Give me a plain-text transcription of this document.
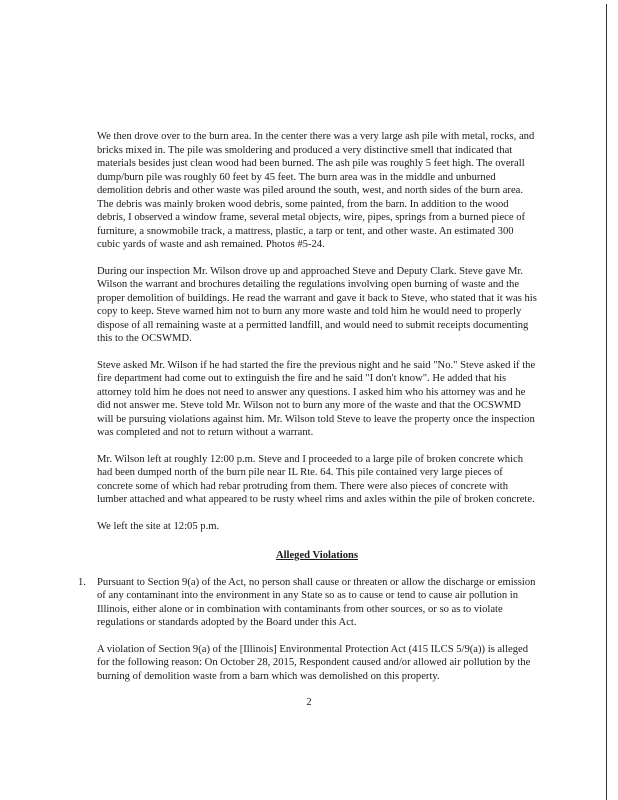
We then drove over to the burn area. In the center there was a very large ash pile with metal, rocks, and bricks mixed in. The pile was smoldering and produced a very distinctive smell that indicated that materials besides just clean wood had been burned. The ash pile was roughly 5 feet high. The overall dump/burn pile was roughly 60 feet by 45 feet. The burn area was in the middle and unburned demolition debris and other waste was piled around the south, west, and north sides of the burn area. The debris was mainly broken wood debris, some painted, from the barn. In addition to the wood debris, I observed a window frame, several metal objects, wire, pipes, springs from a burned piece of furniture, a snowmobile track, a mattress, plastic, a tarp or tent, and other waste. An estimated 300 cubic yards of waste and ash remained. Photos #5-24.

During our inspection Mr. Wilson drove up and approached Steve and Deputy Clark. Steve gave Mr. Wilson the warrant and brochures detailing the regulations involving open burning of waste and the proper demolition of buildings. He read the warrant and gave it back to Steve, who stated that it was his copy to keep. Steve warned him not to burn any more waste and told him he would need to properly dispose of all remaining waste at a permitted landfill, and would need to submit receipts documenting this to the OCSWMD.

Steve asked Mr. Wilson if he had started the fire the previous night and he said "No." Steve asked if the fire department had come out to extinguish the fire and he said "I don't know". He added that his attorney told him he does not need to answer any questions. I asked him who his attorney was and he did not answer me. Steve told Mr. Wilson not to burn any more of the waste and that the OCSWMD will be pursuing violations against him. Mr. Wilson told Steve to leave the property once the inspection was completed and not to return without a warrant.

Mr. Wilson left at roughly 12:00 p.m. Steve and I proceeded to a large pile of broken concrete which had been dumped north of the burn pile near IL Rte. 64. This pile contained very large pieces of concrete some of which had rebar protruding from them. There were also pieces of concrete with lumber attached and what appeared to be rusty wheel rims and axles within the pile of broken concrete.

We left the site at 12:05 p.m.

Alleged Violations
1.	Pursuant to Section 9(a) of the Act, no person shall cause or threaten or allow the discharge or emission of any contaminant into the environment in any State so as to cause or tend to cause air pollution in Illinois, either alone or in combination with contaminants from other sources, or so as to violate regulations or standards adopted by the Board under this Act.

A violation of Section 9(a) of the [Illinois] Environmental Protection Act (415 ILCS 5/9(a)) is alleged for the following reason: On October 28, 2015, Respondent caused and/or allowed air pollution by the burning of demolition waste from a barn which was demolished on this property.

2
